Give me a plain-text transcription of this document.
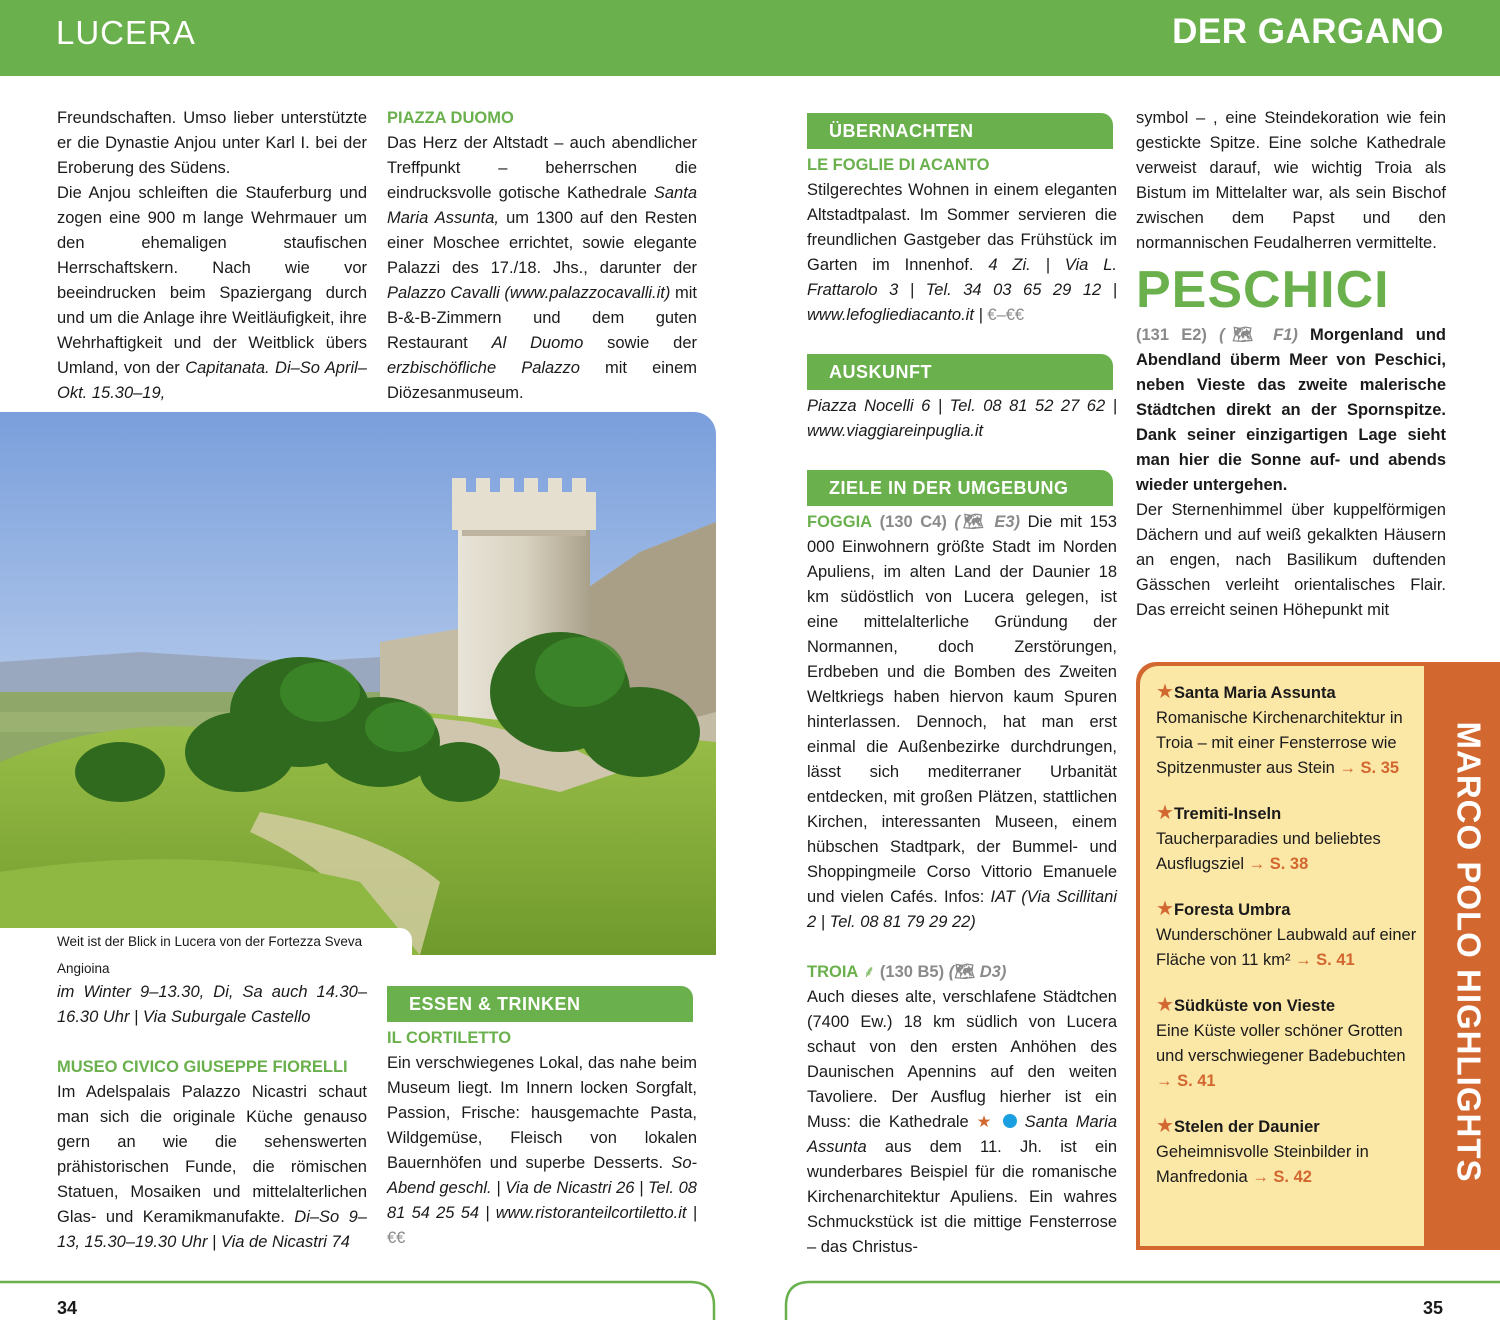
LUCERA	DER GARGANO

Freundschaften. Umso lieber unterstützte er die Dynastie Anjou unter Karl I. bei der Eroberung des Südens.

Die Anjou schleiften die Stauferburg und zogen eine 900 m lange Wehrmauer um den ehemaligen staufischen Herrschaftskern. Nach wie vor beeindrucken beim Spaziergang durch und um die Anlage ihre Weitläufigkeit, ihre Wehrhaftigkeit und der Weitblick übers Umland, von der Capitanata. Di–So April–Okt. 15.30–19,

PIAZZA DUOMO

Das Herz der Altstadt – auch abendlicher Treffpunkt – beherrschen die eindrucksvolle gotische Kathedrale Santa Maria Assunta, um 1300 auf den Resten einer Moschee errichtet, sowie elegante Palazzi des 17./18. Jhs., darunter der Palazzo Cavalli (www.palazzocavalli.it) mit B-&-B-Zimmern und dem guten Restaurant Al Duomo sowie der erzbischöfliche Palazzo mit einem Diözesanmuseum.

Weit ist der Blick in Lucera von der Fortezza Sveva Angioina

im Winter 9–13.30, Di, Sa auch 14.30–16.30 Uhr | Via Suburgale Castello

MUSEO CIVICO GIUSEPPE FIORELLI

Im Adelspalais Palazzo Nicastri schaut man sich die originale Küche genauso gern an wie die sehenswerten prähistorischen Funde, die römischen Statuen, Mosaiken und mittelalterlichen Glas- und Keramikmanufakte. Di–So 9–13, 15.30–19.30 Uhr | Via de Nicastri 74

ESSEN & TRINKEN
IL CORTILETTO

Ein verschwiegenes Lokal, das nahe beim Museum liegt. Im Innern locken Sorgfalt, Passion, Frische: hausgemachte Pasta, Wildgemüse, Fleisch von lokalen Bauernhöfen und superbe Desserts. So-Abend geschl. | Via de Nicastri 26 | Tel. 08 81 54 25 54 | www.ristoranteilcortiletto.it | €€

ÜBERNACHTEN
LE FOGLIE DI ACANTO

Stilgerechtes Wohnen in einem eleganten Altstadtpalast. Im Sommer servieren die freundlichen Gastgeber das Frühstück im Garten im Innenhof. 4 Zi. | Via L. Frattarolo 3 | Tel. 34 03 65 29 12 | www.lefogliediacanto.it | €–€€

AUSKUNFT

Piazza Nocelli 6 | Tel. 08 81 52 27 62 | www.viaggiareinpuglia.it

ZIELE IN DER UMGEBUNG

FOGGIA (130 C4) (🗺︎ E3) Die mit 153 000 Einwohnern größte Stadt im Norden Apuliens, im alten Land der Daunier 18 km südöstlich von Lucera gelegen, ist eine mittelalterliche Gründung der Normannen, doch Zerstörungen, Erdbeben und die Bomben des Zweiten Weltkriegs haben hiervon kaum Spuren hinterlassen. Dennoch, hat man erst einmal die Außenbezirke durchdrungen, lässt sich mediterraner Urbanität entdecken, mit großen Plätzen, stattlichen Kirchen, interessanten Museen, einem hübschen Stadtpark, der Bummel- und Shoppingmeile Corso Vittorio Emanuele und vielen Cafés. Infos: IAT (Via Scillitani 2 | Tel. 08 81 79 29 22)

TROIA ⸙ (130 B5) (🗺︎ D3)

Auch dieses alte, verschlafene Städtchen (7400 Ew.) 18 km südlich von Lucera schaut von den ersten Anhöhen des Daunischen Apennins auf den weiten Tavoliere. Der Ausflug hierher ist ein Muss: die Kathedrale ★  Santa Maria Assunta aus dem 11. Jh. ist ein wunderbares Beispiel für die romanische Kirchenarchitektur Apuliens. Ein wahres Schmuckstück ist die mittige Fensterrose – das Christus-

symbol – , eine Steindekoration wie fein gestickte Spitze. Eine solche Kathedrale verweist darauf, wie wichtig Troia als Bistum im Mittelalter war, als sein Bischof zwischen dem Papst und den normannischen Feudalherren vermittelte.

PESCHICI

(131 E2) (🗺︎ F1) Morgenland und Abendland überm Meer von Peschici, neben Vieste das zweite malerische Städtchen direkt an der Spornspitze. Dank seiner einzigartigen Lage sieht man hier die Sonne auf- und abends wieder untergehen.

Der Sternenhimmel über kuppelförmigen Dächern und auf weiß gekalkten Häusern an engen, nach Basilikum duftenden Gässchen verleiht orientalisches Flair. Das erreicht seinen Höhepunkt mit

★Santa Maria Assunta
Romanische Kirchenarchitektur in Troia – mit einer Fensterrose wie Spitzenmuster aus Stein → S. 35
★Tremiti-Inseln
Taucherparadies und beliebtes Ausflugsziel → S. 38
★Foresta Umbra
Wunderschöner Laubwald auf einer Fläche von 11 km² → S. 41
★Südküste von Vieste
Eine Küste voller schöner Grotten und verschwiegener Badebuchten → S. 41
★Stelen der Daunier
Geheimnisvolle Steinbilder in Manfredonia → S. 42	MARCO POLO HIGHLIGHTS
34	35
